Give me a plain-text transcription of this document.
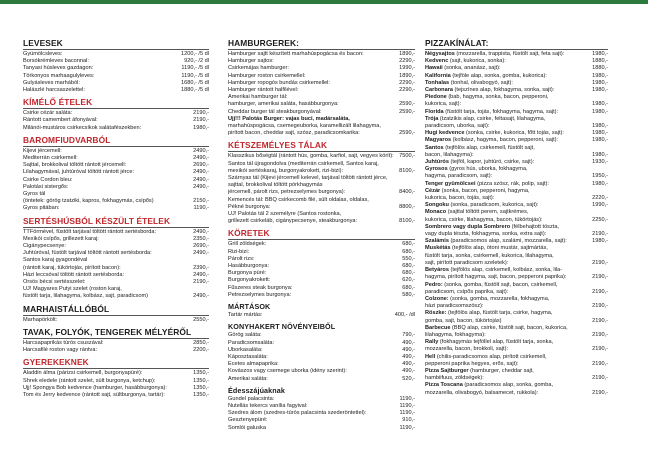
LEVESEK
Gyümölcsleves:	1200,- /5 dl
Borsókrémleves baconnal:	920,- /2 dl
Tanyasi húsleves gazdagon:	1190,- /5 dl
Törkonyos marhaagulyleves:	1190,- /5 dl
Gulyásleves marhából:	1680,- /5 dl
Halászlé harcsaszelettel:	1880,- /5 dl
KÍMÉLŐ ÉTELEK
Csirke cézár saláta:	2190,-
Rántott camembert áfonyával:	2190,-
Milánói-mustáros csirkecsíkok salátafészekben:	1980,-
BAROMFIUDVARBÓL
Kijevi jércemell:	2490,-
Mediterrán csirkemell:	2490,-
Sajttal, brokkolival töltött rántott jércemell:	2690,-
Lilahagymával, juhtúróval töltött rántott jérce:	2490,-
Csirke Cordon bleu:	2490,-
Palotási sistergős:	2490,-
Gyros tál
(öntetek: görög tzatziki, kapros, fokhagymás, csípős)	2150,-
Gyros pitában:	1190,-
SERTÉSHÚSBÓL KÉSZÜLT ÉTELEK
TTFörmével, füstölt tarjával töltött rántott sertésborda:	2490,-
Mexikói csípős, grillezett karaj:	2350,-
Cigánypecsenye:	2690,-
Juhtúróval, füstölt tarjával töltött rántott sertésborda:	2490,-
Santos karaj gyagondéval
(rántott karaj, tükörtojás, pirított bacon):	2390,-
Házi leccsóval töltött rántott sertésborda:	2490,-
Örsös bécsi sertésszelet:	2190,-
ÚJ! Magyares Putyi szelet (roston karaj,
füstölt tarja, lilahagyma, kolbász, sajt, paradicsom)	2490,-
MARHAISTÁLLÓBÓL
Marhapörkölt:	2550,-
TAVAK, FOLYÓK, TENGEREK MÉLYÉRŐL
Harcsapaprikás túrós csuszával:	2850,-
Harcsafilé roston vagy rántva:	2200,-
GYEREKEKNEK
Aladdin álma (párizsi csirkemell, burgonyapüré):	1350,-
Shrek eledele (rántott szelet, sült burgonya, ketchup):	1350,-
Ujj! Spongya Bob kedvence (hamburger, hasábburgonya):	1350,-
Tom és Jerry kedvence (rántott sajt, sültburgonya, tartár):	1350,-
HAMBURGEREK:
Hamburger sajtt készített marhahúspogácsa és bacon:	1890,-
Hamburger sajtos:	2290,-
Csirkemájas hamburger:	1990,-
Hamburger roston csirkemellel:	1890,-
Hamburger ropogós bundás csirkemellel:	2290,-
Hamburger rántott halfilével:	2290,-
Amerikai hamburger tál:
hamburger, amerikai saláta, hasábburgonya:	2590,-
Cheddar burger tál steakburgonyával:	2590,-
Ujj!!! Palotás Burger: vajas buci, madársaláta,
marhahúspogácsa, csemegeuborka, karamellizált lilahagyma,
pirított bacon, cheddar sajt, szósz, paradicsomkarika:	2590,-
KÉTSZEMÉLYES TÁLAK
Klasszikus bőségtál (rántott hús, gomba, karfiol, sajt, vegyes körít): 7500,-
Santos tál újragondolva (mediterrán csirkemell, Santos karaj,
mexikói sertéskaraj, burgonyakrokett, rizi-bizi):	8100,-
Szárnyas tál (Kijevi jércemell kelevel, tarjával töltött rántott jérce,
sajttal, brokkolival töltött pórkhagymás
jércemell, párolt rizs, petrezselymes burgonya):	8400,-
Kemencés tál: BBQ csirkecomb filé, sült oldalas, oldalas,
Pékné burgonya:	8800,-
ÚJ! Palotás tál 2 személyre (Santos rostonka,
grillezett csirkeláb, cigánypecsenye, steakburgonya:	8100,-
KÖRETEK
Grill zöldségek:	680,-
Rizi-bizi:	680,-
Párolt rizs:	550,-
Hasábburgonya:	680,-
Burgonya püré:	680,-
Burgonyakrokett:	620,-
Fűszeres steak burgonya:	680,-
Petrezselymes burgonya:	580,-
MÁRTÁSOK
Tartár mártás:	400,- /dl
KONYHAKERT NÖVÉNYEIBŐL
Görög saláta:	790,-
Paradicsomsaláta:	490,-
Uborkasaláta:	490,-
Káposztasaláta:	490,-
Ecetes almapaprika:	490,-
Kovászos vagy csemege uborka (idény szerint):	490,-
Amerikai saláta:	520,-
Édesszájúaknak
Gundel palacsinta:	1190,-
Nutellás tekercs vanília fagyival:	1190,-
Szedres álom (szedres-túrós palacsinta szederöntettel):	1190,-
Gesztenyepüré:	910,-
Somlói galuska	1190,-
PIZZAKÍNÁLAT:
Négysajtos (mozzarella, trappista, füstölt sajt, feta sajt):	1980,-
Kedvenc (sajt, kukorica, sonka):	1880,-
Hawaii (sonka, ananász, sajt):	1880,-
Kalifornia (tejföle alap, sonka, gomba, kukorica):	1980,-
Tonhalas (tonhal, olivabogyó, sajt):	1980,-
Carbonara (tejszínes alap, fokhagyma, sonka, sajt):	1980,-
Piedone (bab, hagyma, sonka, bacon, pepperoni,
kukorica, sajt):	1980,-
Florida (füstölt tarja, tojás, fokhagyma, hagyma, sajt):	1980,-
Trója (tzatzikis alap, csirke, feltasajt, lilahagyma,
paradicsom, uborka, sajt):	1980,-
Hugi kedvence (sonka, csirke, kukorica, főtt tojás, sajt):	1980,-
Magyaros (kolbász, hagyma, bacon, pepperoni, sajt):	1980,-
Santos (tejfölös alap, csirkemell, füstölt sajt,
bacon, lilahagyma):	1980,-
Juhtúrós (tejföl, kapor, juhtúró, csirke, sajt):	1930,-
Gyrosos (gyros hús, uborka, fokhagyma,
hagyma, paradicsom, sajt):	1950,-
Tenger gyümölcsei (pizza szósz, rák, polip, sajt):	1980,-
Cézár (sonka, bacon, pepperoni, hagyma,
kukorica, bacon, tojás, sajt):	2220,-
Songoku (sonka, paradicsom, kukorica, sajt):	1990,-
Monaco (sajttal töltött perem, sajtkrémes,
kukorica, csirke, lilahagyma, bacon, tükörtojás):	2250,-
Sombrero vagy duplа Sombrero (félbehajtott töszta,
vagy dupla tészta, fokhagyma, sonka, extra sajt):	2190,-
Szalámis (paradicsomos alap, szalámi, mozzarella, sajt):	1980,-
Muskétás (tejfölös alap, ötoni mustár, sajtmártás,
füstölt tarja, sonka, csirkemell, kukorica, lilahagyma,
sajt, pirított paradicsom szeletek):	2190,-
Betyáros (tejfölös alap, csirkemell, kolbász, sonka, lila-
hagyma, pirított hagyma, sajt, bacon, pepperoni paprika):	2190,-
Pedro: (sonka, gomba, füstölt sajt, bacon, csirkemell,
paradicsom, csípős paprika, sajt):	2190,-
Colzone: (sonka, gomba, mozzarella, fokhagyma,
házi paradicsomszósz):	2190,-
Röszke: (tejfölös alap, füstölt tarja, csirke, hagyma,
gomba, sajt, bacon, tükörtojás)	2190,-
Barbecue (BBQ alap, csirke, füstölt sajt, bacon, kukorica,
lilahagyma, fokhagyma):	2190,-
Rally (fokhagymás tejföllel alap, füstölt tarja, sonka,
mozzarella, bacon, brokkoli, sajt):	2190,-
Hell (chilis-paradicsomos alap, pirított csirkemell,
pepperoni paprika hegyes, erős, sajt):	2190,-
Pizza Sajtburger (hamburger, cheddar sajt,
hambiifuus, zöldségek):	2190,-
Pizza Toscana (paradicsomos alap, sonka, gomba,
mozzarella, olivabogyó, balsamecet, rukkola):	2190,-
